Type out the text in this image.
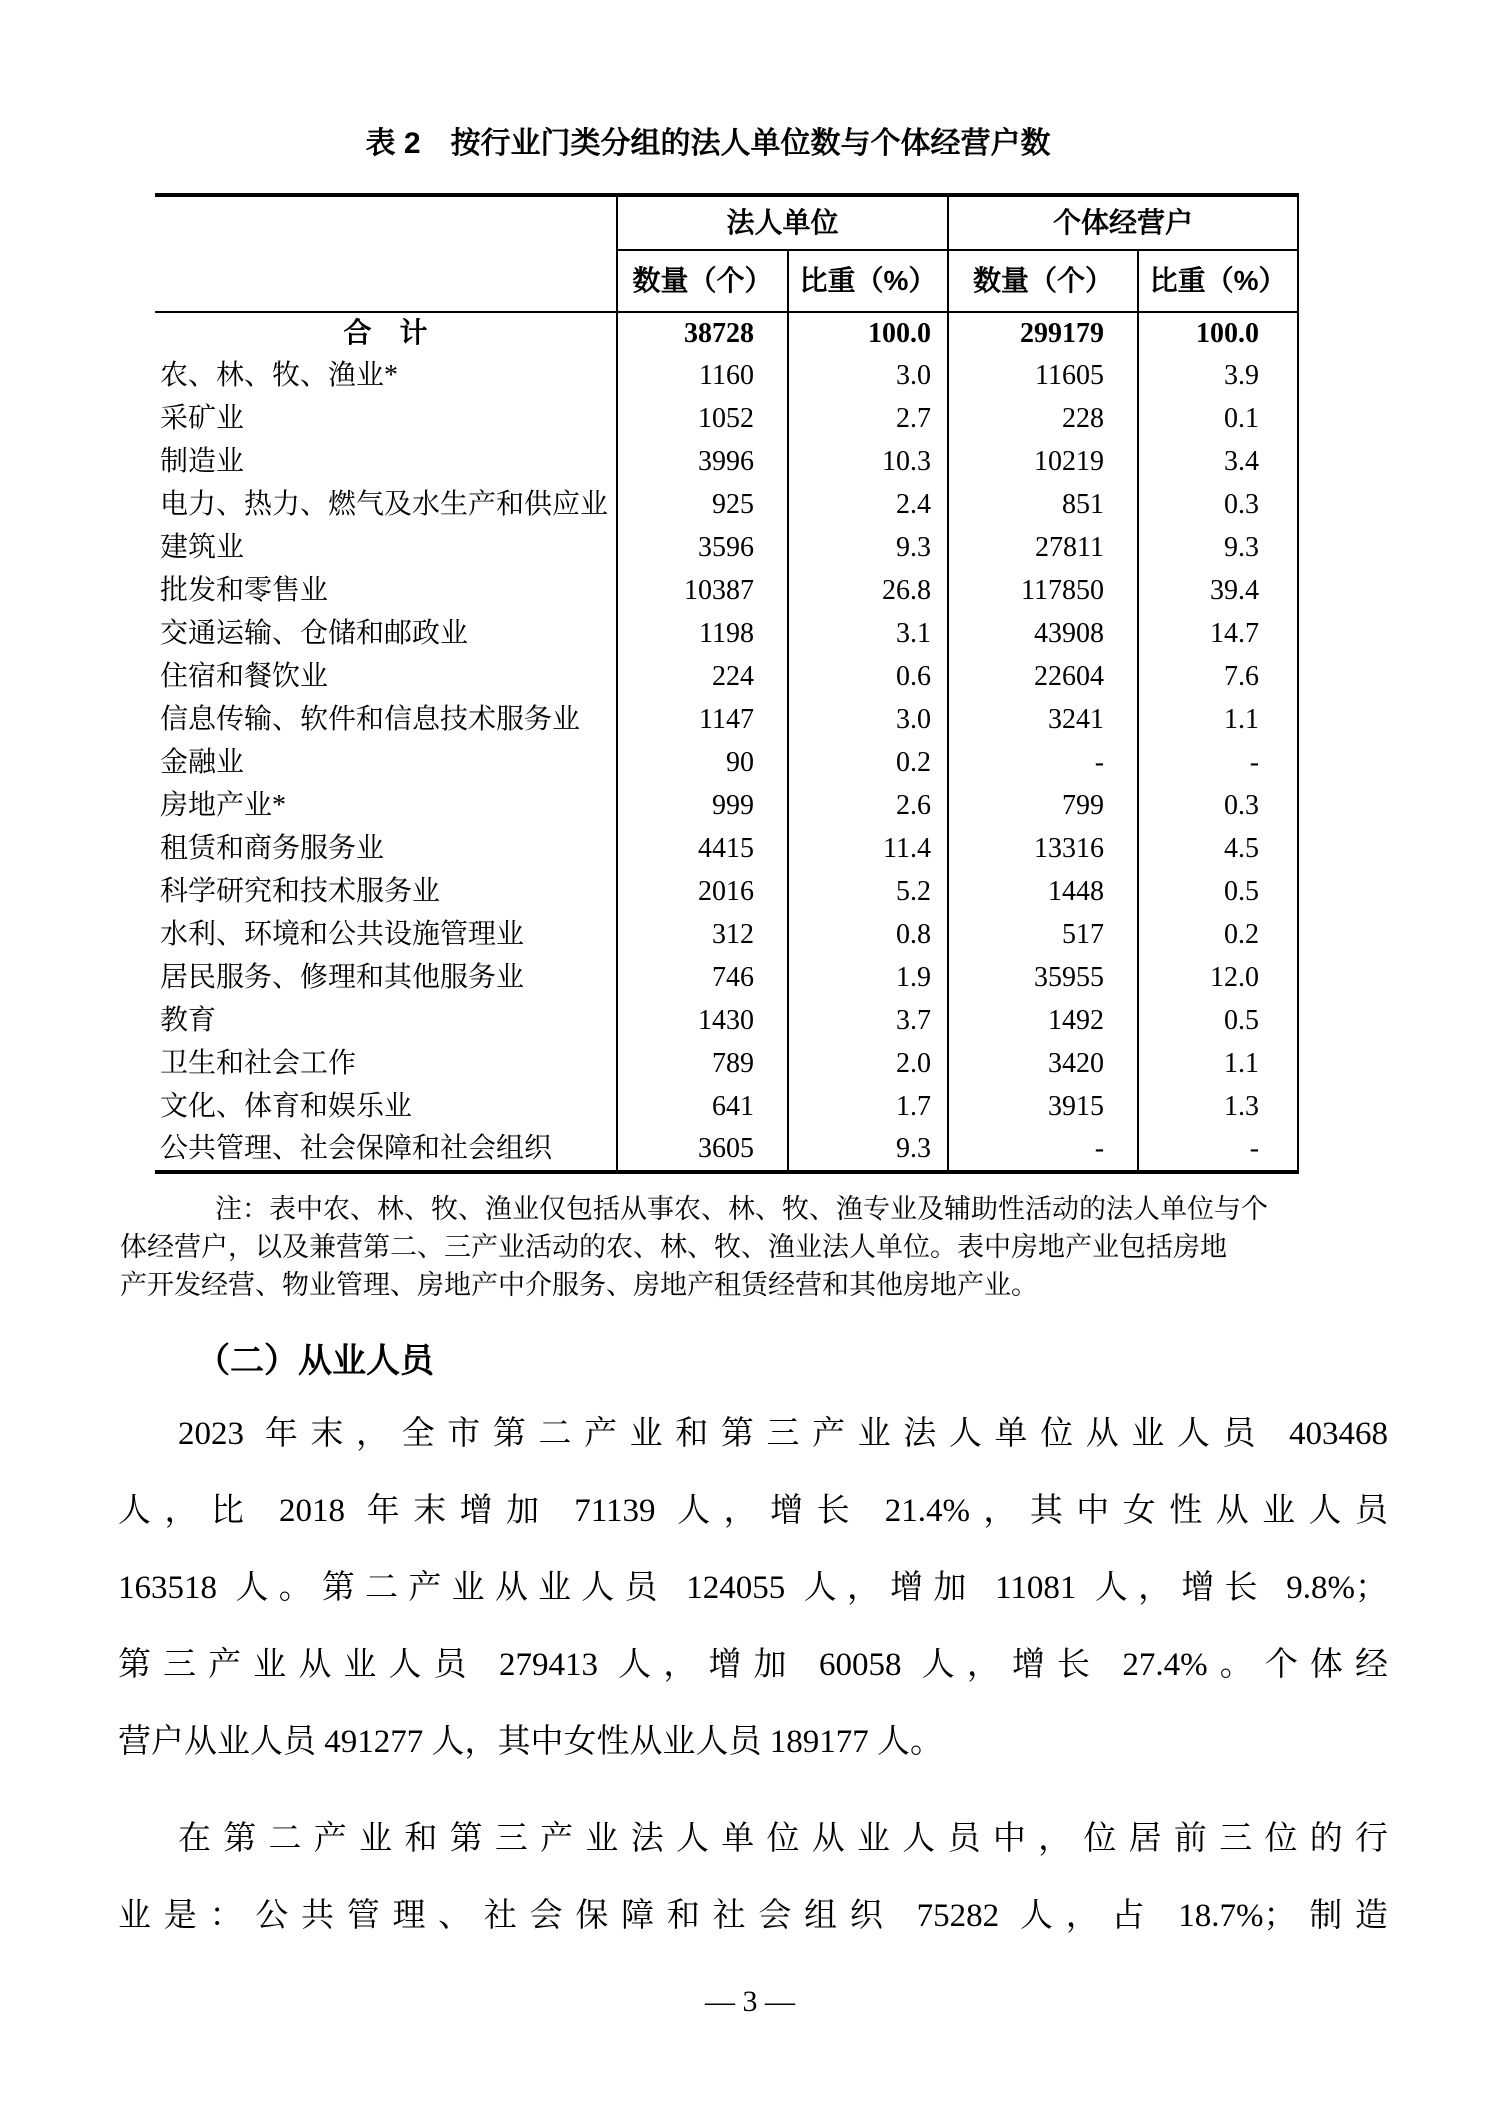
表 2　按行业门类分组的法人单位数与个体经营户数
	法人单位		个体经营户	
	数量（个）	比重（%）	数量（个）	比重（%）
合　计	38728	100.0	299179	100.0
农、林、牧、渔业*	1160	3.0	11605	3.9
采矿业	1052	2.7	228	0.1
制造业	3996	10.3	10219	3.4
电力、热力、燃气及水生产和供应业	925	2.4	851	0.3
建筑业	3596	9.3	27811	9.3
批发和零售业	10387	26.8	117850	39.4
交通运输、仓储和邮政业	1198	3.1	43908	14.7
住宿和餐饮业	224	0.6	22604	7.6
信息传输、软件和信息技术服务业	1147	3.0	3241	1.1
金融业	90	0.2	-	-
房地产业*	999	2.6	799	0.3
租赁和商务服务业	4415	11.4	13316	4.5
科学研究和技术服务业	2016	5.2	1448	0.5
水利、环境和公共设施管理业	312	0.8	517	0.2
居民服务、修理和其他服务业	746	1.9	35955	12.0
教育	1430	3.7	1492	0.5
卫生和社会工作	789	2.0	3420	1.1
文化、体育和娱乐业	641	1.7	3915	1.3
公共管理、社会保障和社会组织	3605	9.3	-	-
注：表中农、林、牧、渔业仅包括从事农、林、牧、渔专业及辅助性活动的法人单位与个
体经营户，以及兼营第二、三产业活动的农、林、牧、渔业法人单位。表中房地产业包括房地
产开发经营、物业管理、房地产中介服务、房地产租赁经营和其他房地产业。
（二）从业人员
2023 年末，全市第二产业和第三产业法人单位从业人员 403468
人，比 2018 年末增加 71139 人，增长 21.4%，其中女性从业人员
163518 人。第二产业从业人员 124055 人，增加 11081 人，增长 9.8%；
第三产业从业人员 279413 人，增加 60058 人，增长 27.4%。个体经
营户从业人员 491277 人，其中女性从业人员 189177 人。
在第二产业和第三产业法人单位从业人员中，位居前三位的行
业是：公共管理、社会保障和社会组织 75282 人，占 18.7%；制造
— 3 —
